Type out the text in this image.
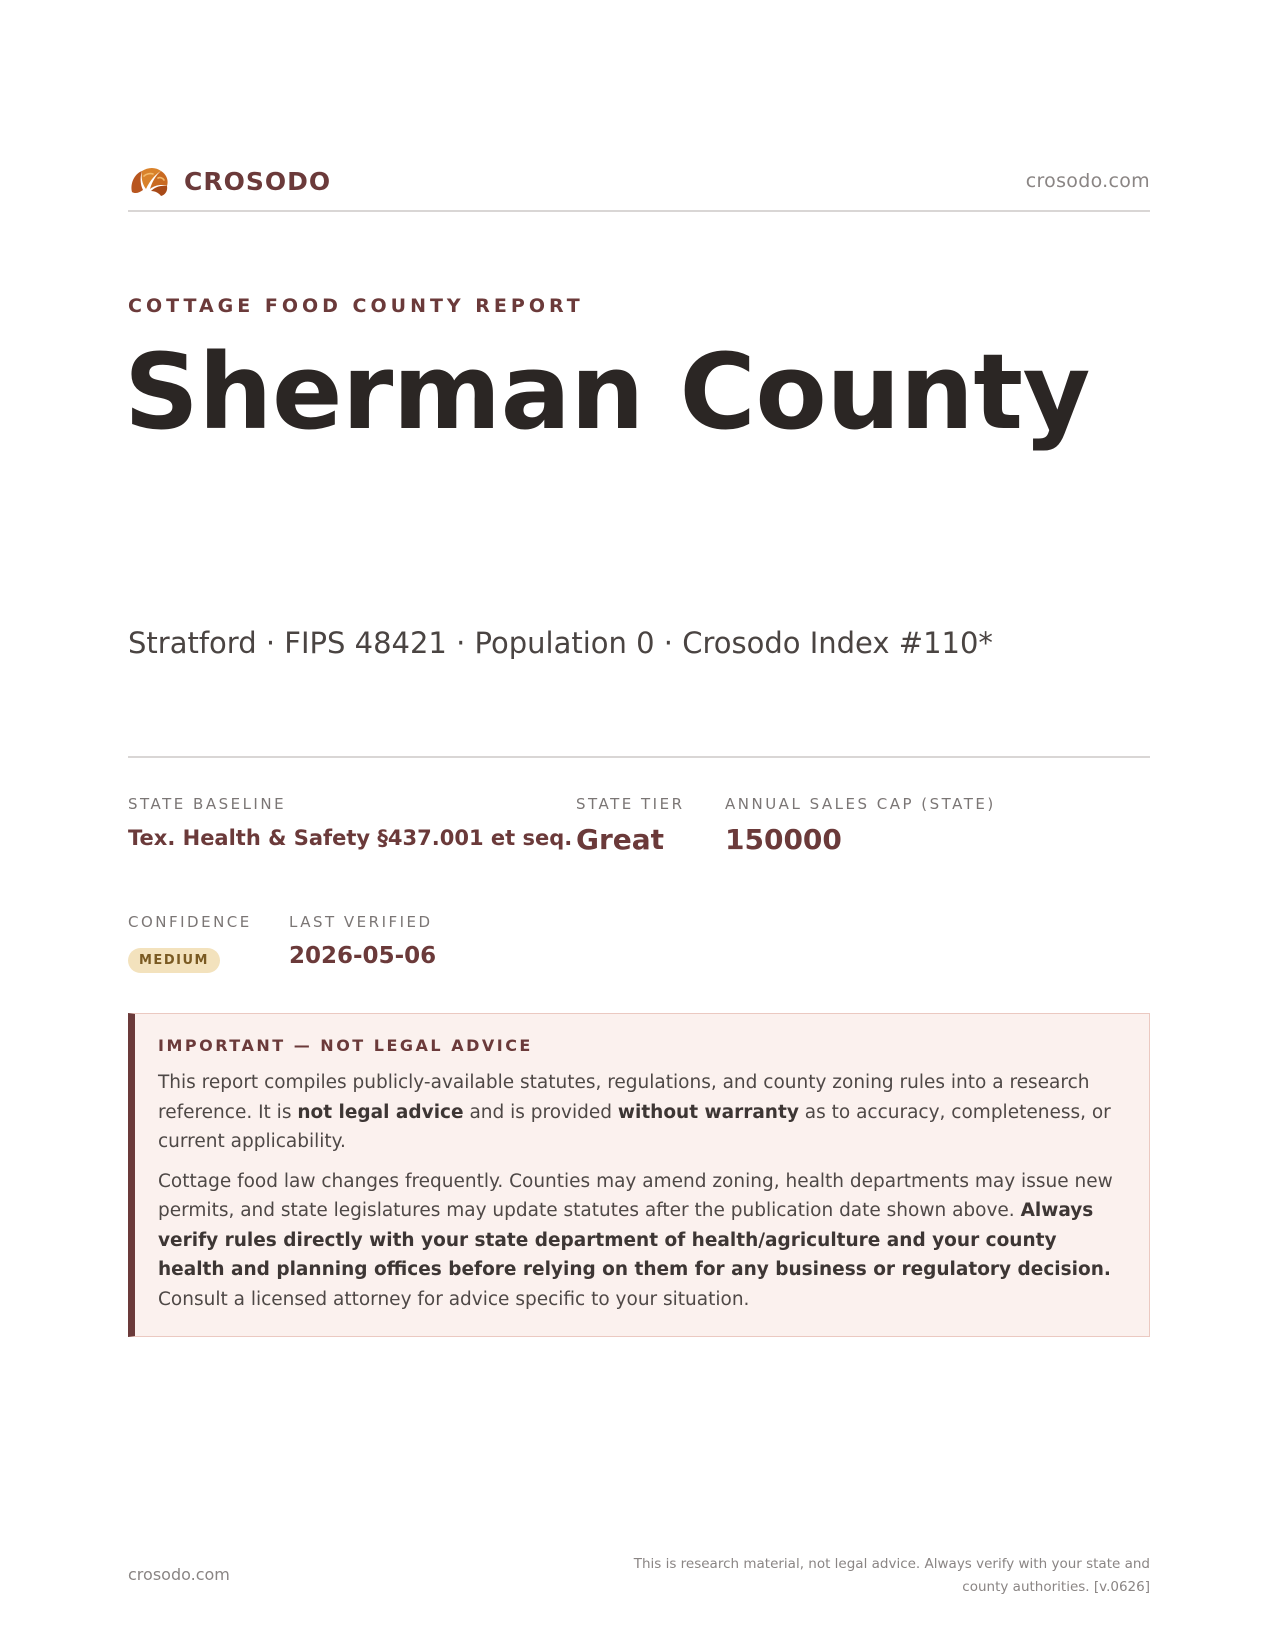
CROSODO	crosodo.com
COTTAGE FOOD COUNTY REPORT
Sherman County
Stratford · FIPS 48421 · Population 0 · Crosodo Index #110*
STATE BASELINE
Tex. Health & Safety §437.001 et seq.
STATE TIER
Great
ANNUAL SALES CAP (STATE)
150000
CONFIDENCE
MEDIUM
LAST VERIFIED
2026-05-06
IMPORTANT — NOT LEGAL ADVICE

This report compiles publicly-available statutes, regulations, and county zoning rules into a research reference. It is not legal advice and is provided without warranty as to accuracy, completeness, or current applicability.

Cottage food law changes frequently. Counties may amend zoning, health departments may issue new permits, and state legislatures may update statutes after the publication date shown above. Always verify rules directly with your state department of health/agriculture and your county health and planning offices before relying on them for any business or regulatory decision. Consult a licensed attorney for advice specific to your situation.

crosodo.com
This is research material, not legal advice. Always verify with your state and county authorities. [v.0626]
